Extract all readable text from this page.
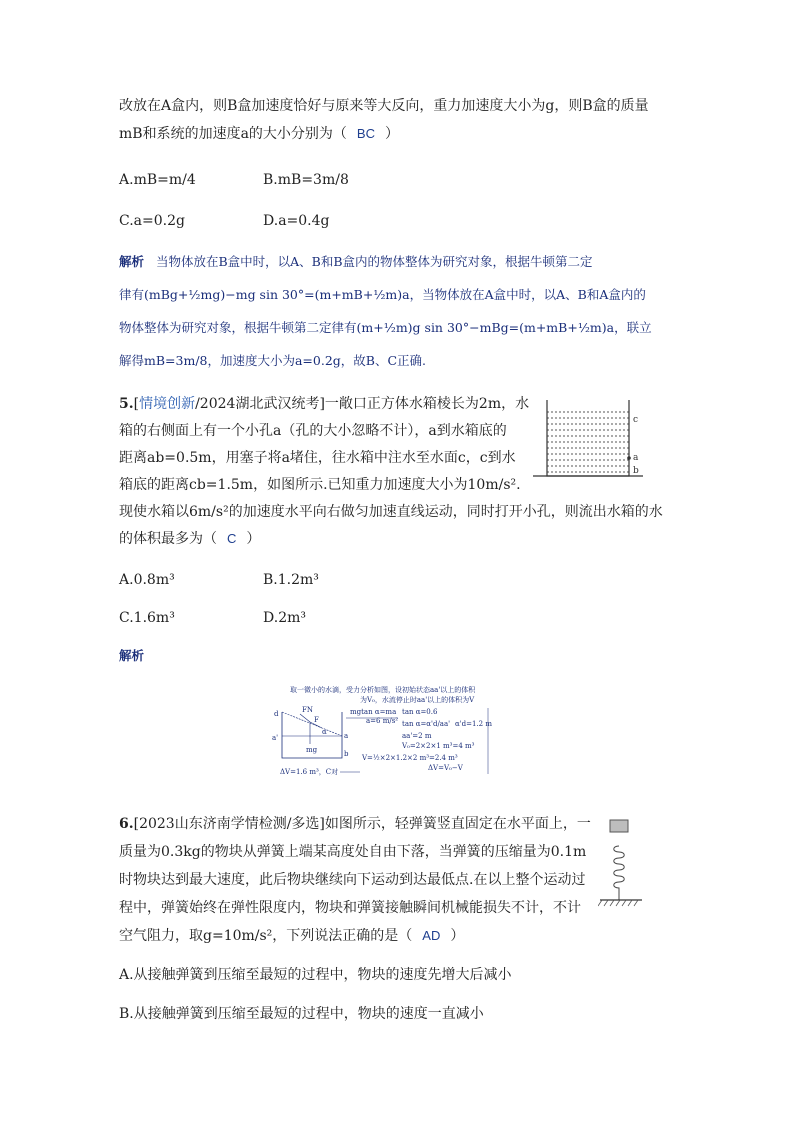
改放在A盒内，则B盒加速度恰好与原来等大反向，重力加速度大小为g，则B盒的质量
mB和系统的加速度a的大小分别为（ BC ）
A.mB=m/4	B.mB=3m/8
C.a=0.2g	D.a=0.4g
解析 当物体放在B盒中时，以A、B和B盒内的物体整体为研究对象，根据牛顿第二定
律有(mBg+½mg)−mg sin 30°=(m+mB+½m)a，当物体放在A盒中时，以A、B和A盒内的
物体整体为研究对象，根据牛顿第二定律有(m+½m)g sin 30°−mBg=(m+mB+½m)a，联立
解得mB=3m/8，加速度大小为a=0.2g，故B、C正确.
5.[情境创新/2024湖北武汉统考]一敞口正方体水箱棱长为2m，水
箱的右侧面上有一个小孔a（孔的大小忽略不计），a到水箱底的
距离ab=0.5m，用塞子将a堵住，往水箱中注水至水面c，c到水
箱底的距离cb=1.5m，如图所示.已知重力加速度大小为10m/s².
现使水箱以6m/s²的加速度水平向右做匀加速直线运动，同时打开小孔，则流出水箱的水
的体积最多为（ C ）
c
a
b
A.0.8m³	B.1.2m³
C.1.6m³	D.2m³
解析
取一微小的水滴，受力分析如图，设初始状态aa'以上的体积
为V₀，水流停止时aa'以上的体积为V
FN
F
mg
α
d
a'	a
b
mgtan α=ma
a=6 m/s²
tan α=0.6
tan α=α'd/aa' α'd=1.2 m
aa'=2 m
V₀=2×2×1 m³=4 m³
V=½×2×1.2×2 m³=2.4 m³
ΔV=V₀−V
ΔV=1.6 m³，C对
6.[2023山东济南学情检测/多选]如图所示，轻弹簧竖直固定在水平面上，一
质量为0.3kg的物块从弹簧上端某高度处自由下落，当弹簧的压缩量为0.1m
时物块达到最大速度，此后物块继续向下运动到达最低点.在以上整个运动过
程中，弹簧始终在弹性限度内，物块和弹簧接触瞬间机械能损失不计，不计
空气阻力，取g=10m/s²，下列说法正确的是（ AD ）
A.从接触弹簧到压缩至最短的过程中，物块的速度先增大后减小
B.从接触弹簧到压缩至最短的过程中，物块的速度一直减小
